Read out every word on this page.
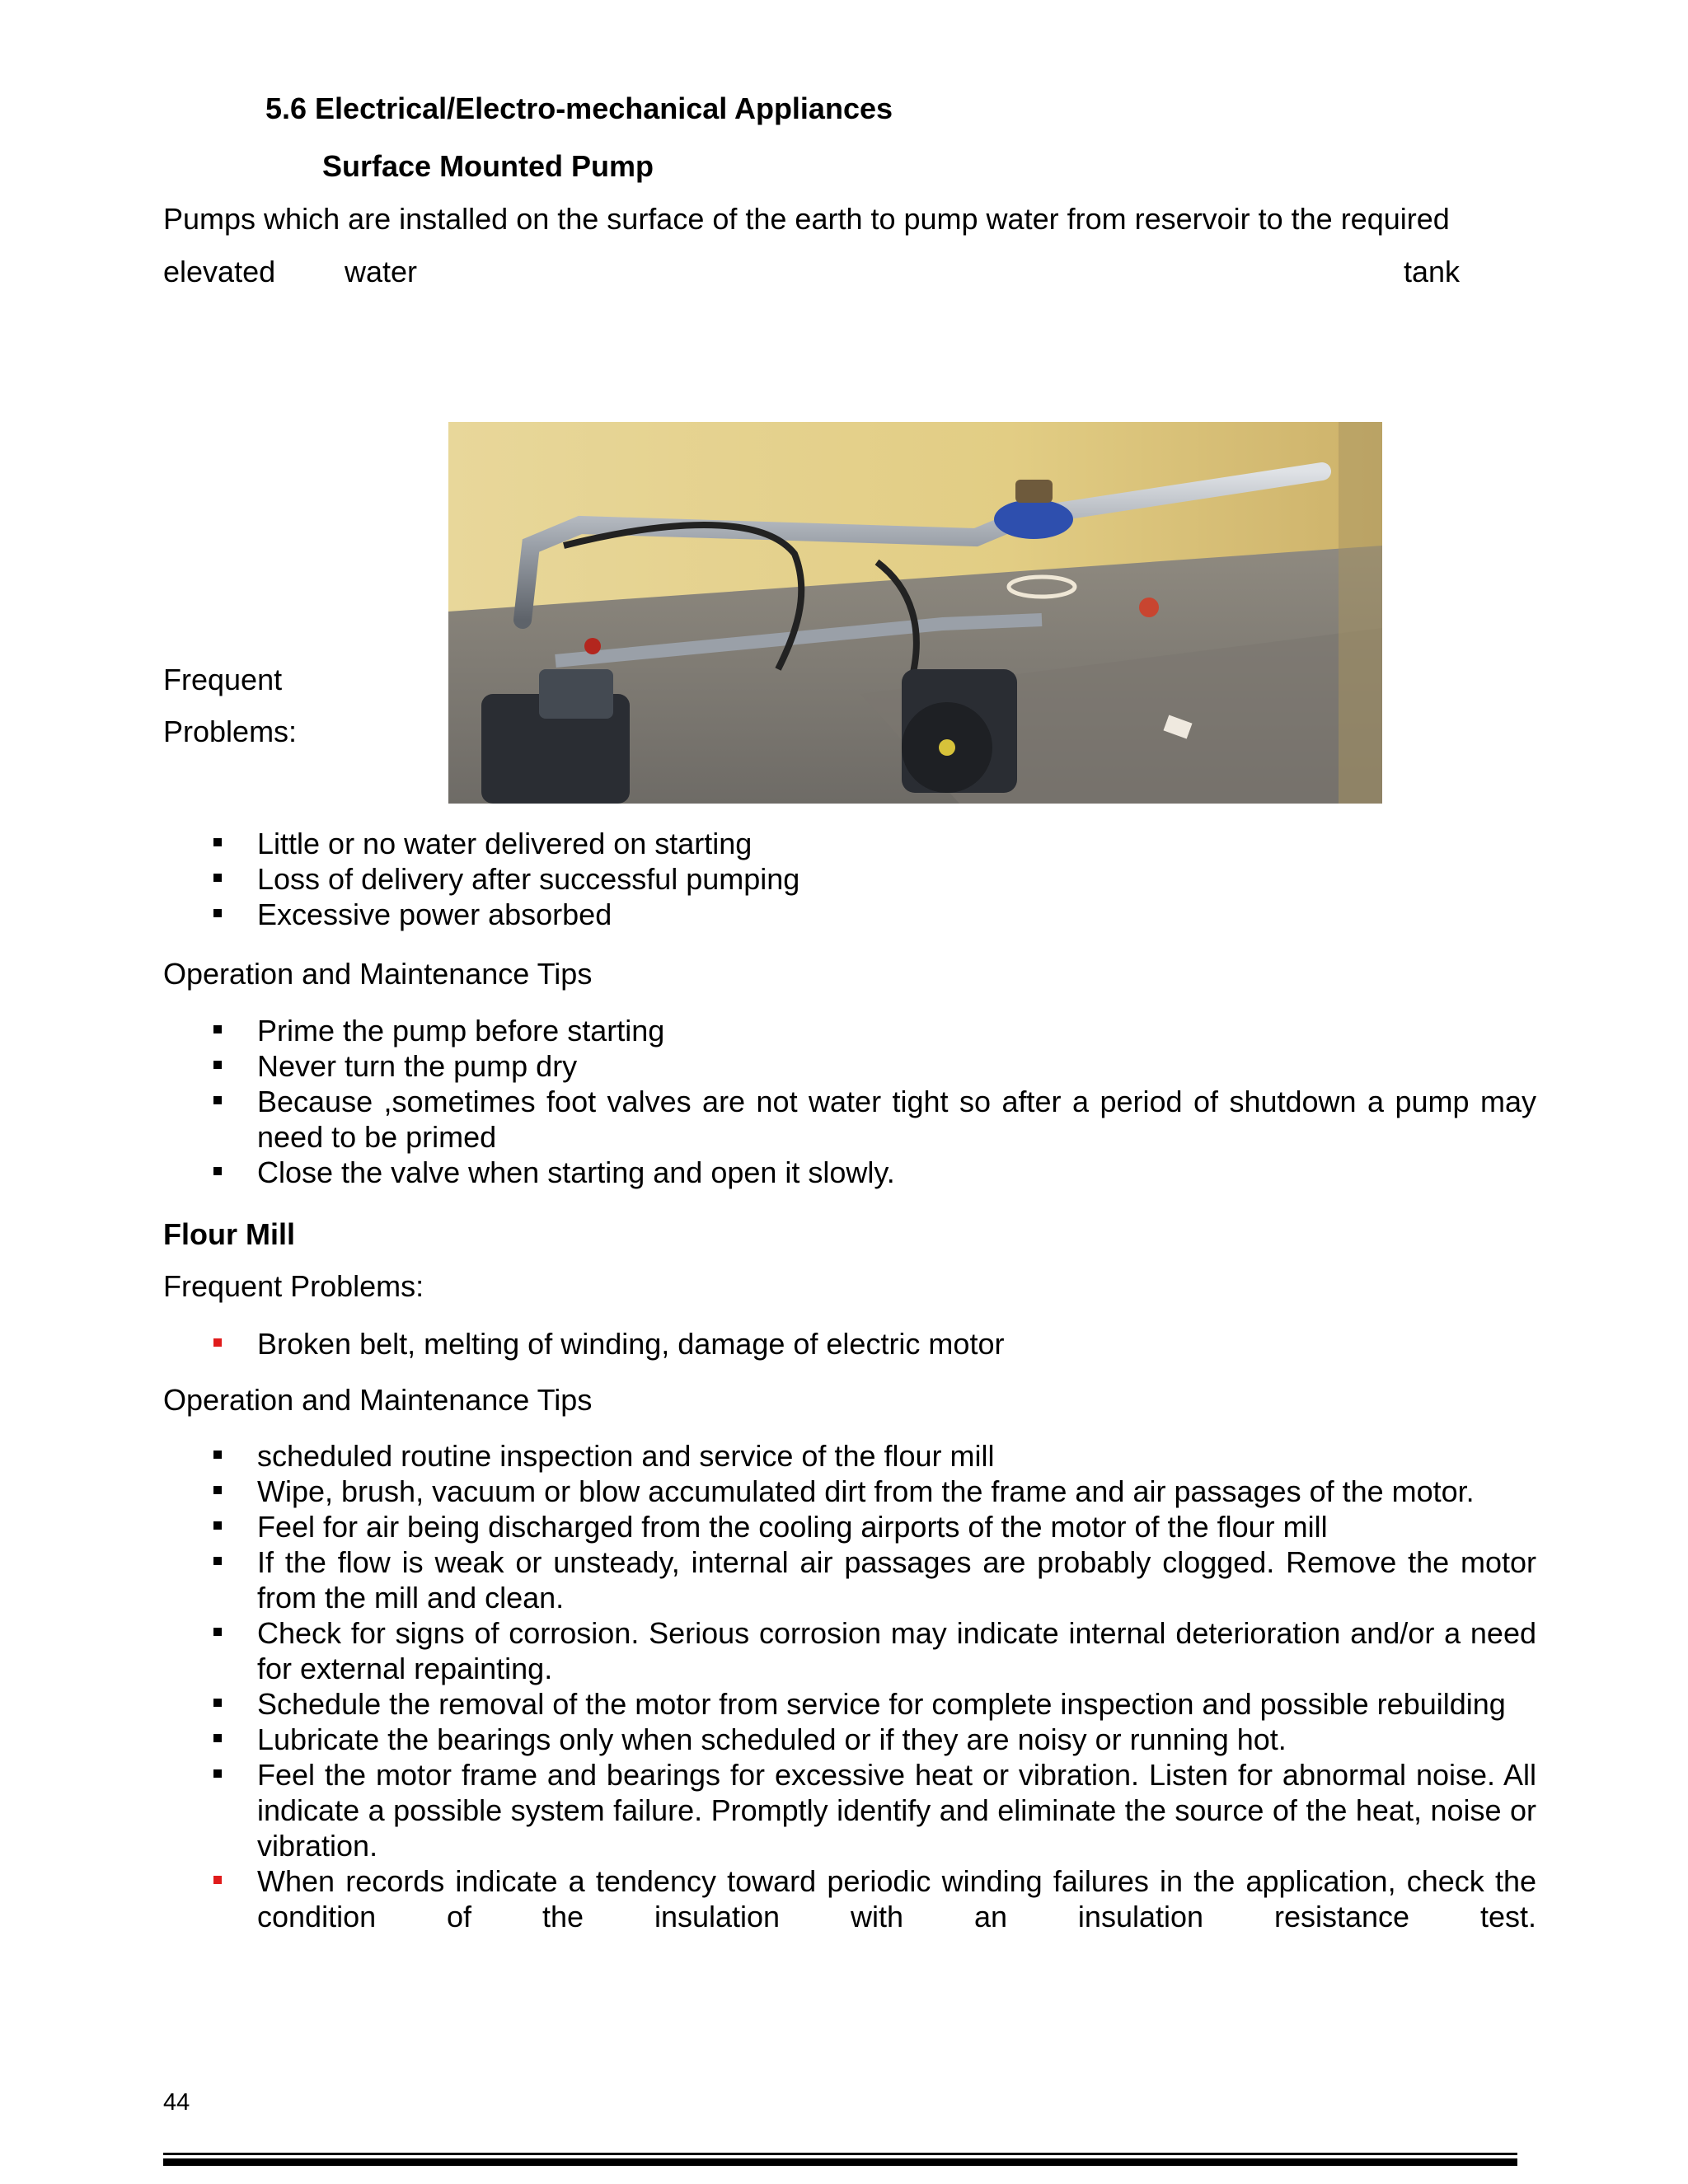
5.6 Electrical/Electro-mechanical Appliances
Surface Mounted Pump
Pumps which are installed on the surface of the earth to pump water from reservoir to the required
elevated water	tank
Frequent
Problems:
Little or no water delivered on starting
Loss of delivery after successful pumping
Excessive power absorbed
Operation and Maintenance Tips
Prime the pump before starting
Never turn the pump dry
Because ,sometimes foot valves are not water tight so after a period of shutdown a pump may need to be primed
Close the valve when starting and open it slowly.
Flour Mill
Frequent Problems:
Broken belt, melting of winding, damage of electric motor
Operation and Maintenance Tips
scheduled routine inspection and service of the flour mill
Wipe, brush, vacuum or blow accumulated dirt from the frame and air passages of the motor.
Feel for air being discharged from the cooling airports of the motor of the flour mill
If the flow is weak or unsteady, internal air passages are probably clogged. Remove the motor from the mill and clean.
Check for signs of corrosion. Serious corrosion may indicate internal deterioration and/or a need for external repainting.
Schedule the removal of the motor from service for complete inspection and possible rebuilding
Lubricate the bearings only when scheduled or if they are noisy or running hot.
Feel the motor frame and bearings for excessive heat or vibration. Listen for abnormal noise. All indicate a possible system failure. Promptly identify and eliminate the source of the heat, noise or vibration.
When records indicate a tendency toward periodic winding failures in the application, check the condition of the insulation with an insulation resistance test.
44
